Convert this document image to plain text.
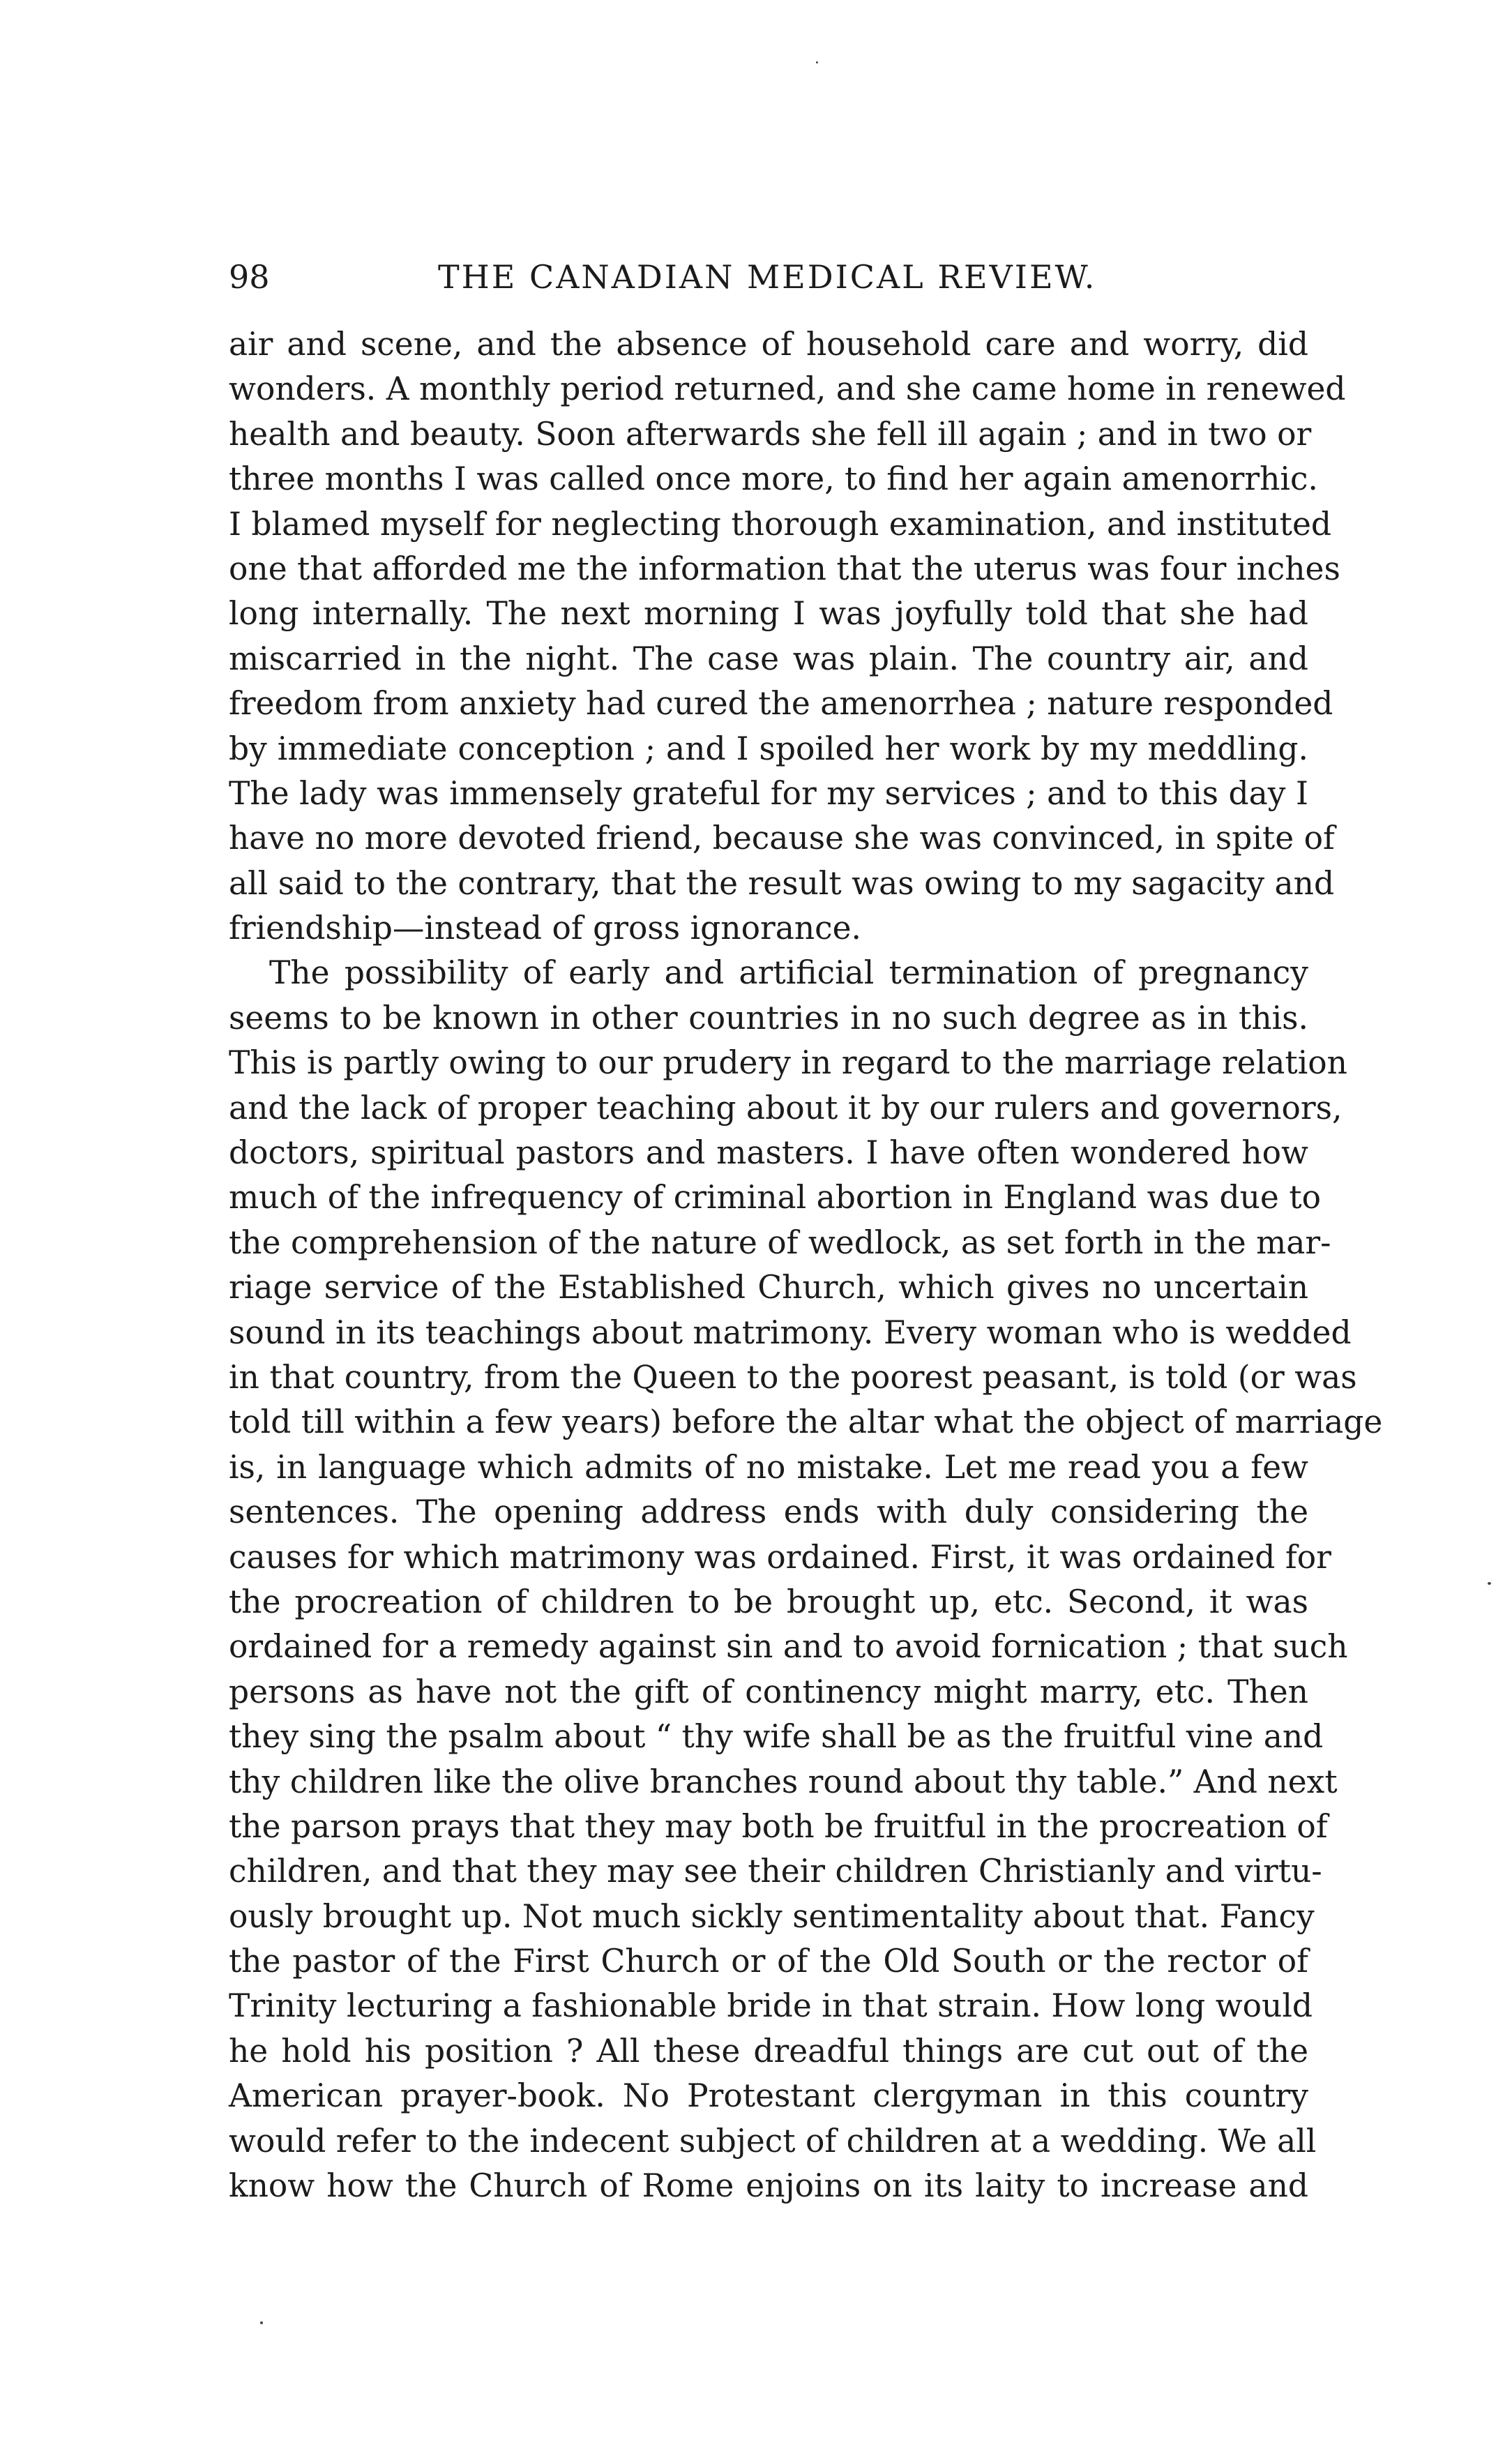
98	THE CANADIAN MEDICAL REVIEW.
air and scene, and the absence of household care and worry, did
wonders. A monthly period returned, and she came home in renewed
health and beauty. Soon afterwards she fell ill again ; and in two or
three months I was called once more, to find her again amenorrhic.
I blamed myself for neglecting thorough examination, and instituted
one that afforded me the information that the uterus was four inches
long internally. The next morning I was joyfully told that she had
miscarried in the night. The case was plain. The country air, and
freedom from anxiety had cured the amenorrhea ; nature responded
by immediate conception ; and I spoiled her work by my meddling.
The lady was immensely grateful for my services ; and to this day I
have no more devoted friend, because she was convinced, in spite of
all said to the contrary, that the result was owing to my sagacity and
friendship—instead of gross ignorance.
The possibility of early and artificial termination of pregnancy
seems to be known in other countries in no such degree as in this.
This is partly owing to our prudery in regard to the marriage relation
and the lack of proper teaching about it by our rulers and governors,
doctors, spiritual pastors and masters. I have often wondered how
much of the infrequency of criminal abortion in England was due to
the comprehension of the nature of wedlock, as set forth in the mar-
riage service of the Established Church, which gives no uncertain
sound in its teachings about matrimony. Every woman who is wedded
in that country, from the Queen to the poorest peasant, is told (or was
told till within a few years) before the altar what the object of marriage
is, in language which admits of no mistake. Let me read you a few
sentences. The opening address ends with duly considering the
causes for which matrimony was ordained. First, it was ordained for
the procreation of children to be brought up, etc. Second, it was
ordained for a remedy against sin and to avoid fornication ; that such
persons as have not the gift of continency might marry, etc. Then
they sing the psalm about “ thy wife shall be as the fruitful vine and
thy children like the olive branches round about thy table.” And next
the parson prays that they may both be fruitful in the procreation of
children, and that they may see their children Christianly and virtu-
ously brought up. Not much sickly sentimentality about that. Fancy
the pastor of the First Church or of the Old South or the rector of
Trinity lecturing a fashionable bride in that strain. How long would
he hold his position ? All these dreadful things are cut out of the
American prayer-book. No Protestant clergyman in this country
would refer to the indecent subject of children at a wedding. We all
know how the Church of Rome enjoins on its laity to increase and
